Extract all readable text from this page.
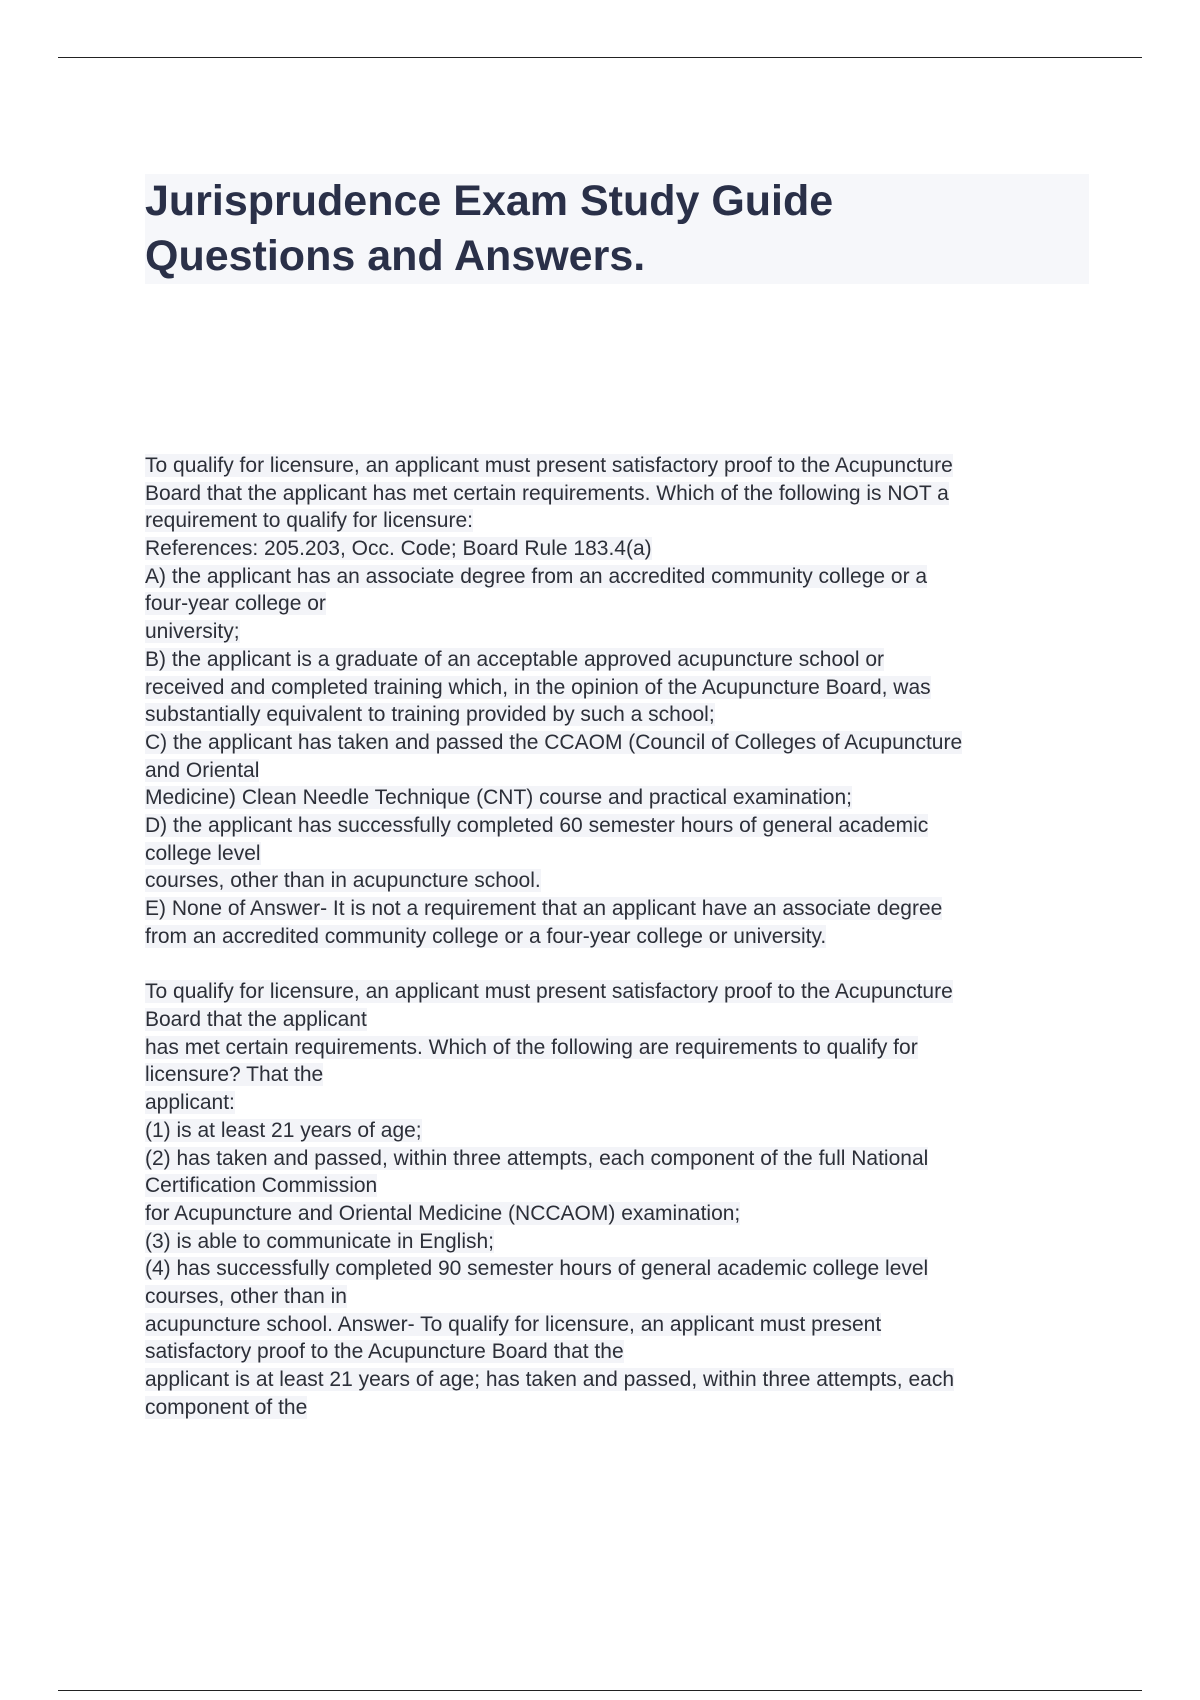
Jurisprudence Exam Study Guide
Questions and Answers.
To qualify for licensure, an applicant must present satisfactory proof to the Acupuncture
Board that the applicant has met certain requirements. Which of the following is NOT a
requirement to qualify for licensure:
References: 205.203, Occ. Code; Board Rule 183.4(a)
A) the applicant has an associate degree from an accredited community college or a
four-year college or
university;
B) the applicant is a graduate of an acceptable approved acupuncture school or
received and completed training which, in the opinion of the Acupuncture Board, was
substantially equivalent to training provided by such a school;
C) the applicant has taken and passed the CCAOM (Council of Colleges of Acupuncture
and Oriental
Medicine) Clean Needle Technique (CNT) course and practical examination;
D) the applicant has successfully completed 60 semester hours of general academic
college level
courses, other than in acupuncture school.
E) None of Answer- It is not a requirement that an applicant have an associate degree
from an accredited community college or a four-year college or university.
To qualify for licensure, an applicant must present satisfactory proof to the Acupuncture
Board that the applicant
has met certain requirements. Which of the following are requirements to qualify for
licensure? That the
applicant:
(1) is at least 21 years of age;
(2) has taken and passed, within three attempts, each component of the full National
Certification Commission
for Acupuncture and Oriental Medicine (NCCAOM) examination;
(3) is able to communicate in English;
(4) has successfully completed 90 semester hours of general academic college level
courses, other than in
acupuncture school. Answer- To qualify for licensure, an applicant must present
satisfactory proof to the Acupuncture Board that the
applicant is at least 21 years of age; has taken and passed, within three attempts, each
component of the
